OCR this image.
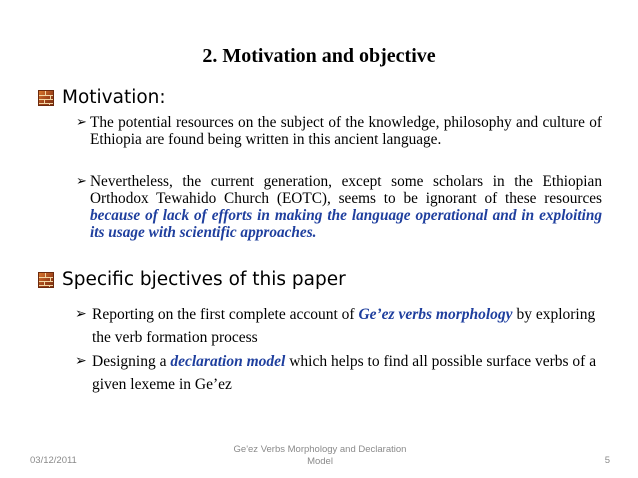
2. Motivation and objective
Motivation:
➢ The potential resources on the subject of the knowledge, philosophy and culture of Ethiopia are found being written in this ancient language.
➢ Nevertheless, the current generation, except some scholars in the Ethiopian Orthodox Tewahido Church (EOTC), seems to be ignorant of these resources because of lack of efforts in making the language operational and in exploiting its usage with scientific approaches.
Specific bjectives of this paper
➢ Reporting on the first complete account of Ge’ez verbs morphology by exploring the verb formation process
➢ Designing a declaration model which helps to find all possible surface verbs of a given lexeme in Ge’ez
03/12/2011
Ge'ez Verbs Morphology and Declaration Model	5
